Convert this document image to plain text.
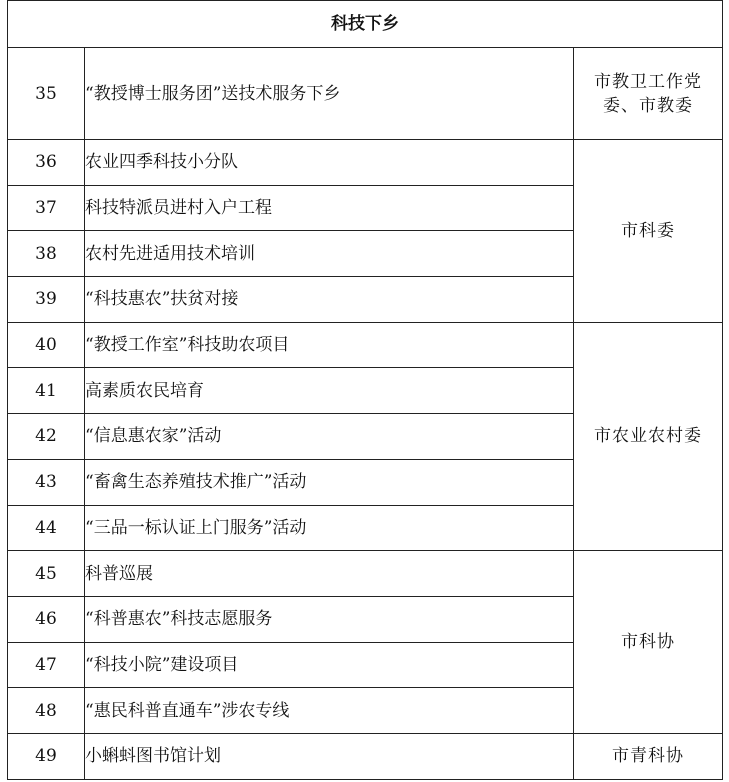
科技下乡		
35	“教授博士服务团”送技术服务下乡	市教卫工作党
委、市教委

36	农业四季科技小分队	市科委
37	科技特派员进村入户工程	
38	农村先进适用技术培训	
39	“科技惠农”扶贫对接	
40	“教授工作室”科技助农项目	市农业农村委
41	高素质农民培育	
42	“信息惠农家”活动	
43	“畜禽生态养殖技术推广”活动	
44	“三品一标认证上门服务”活动	
45	科普巡展	市科协
46	“科普惠农”科技志愿服务	
47	“科技小院”建设项目	
48	“惠民科普直通车”涉农专线	
49	小蝌蚪图书馆计划	市青科协
